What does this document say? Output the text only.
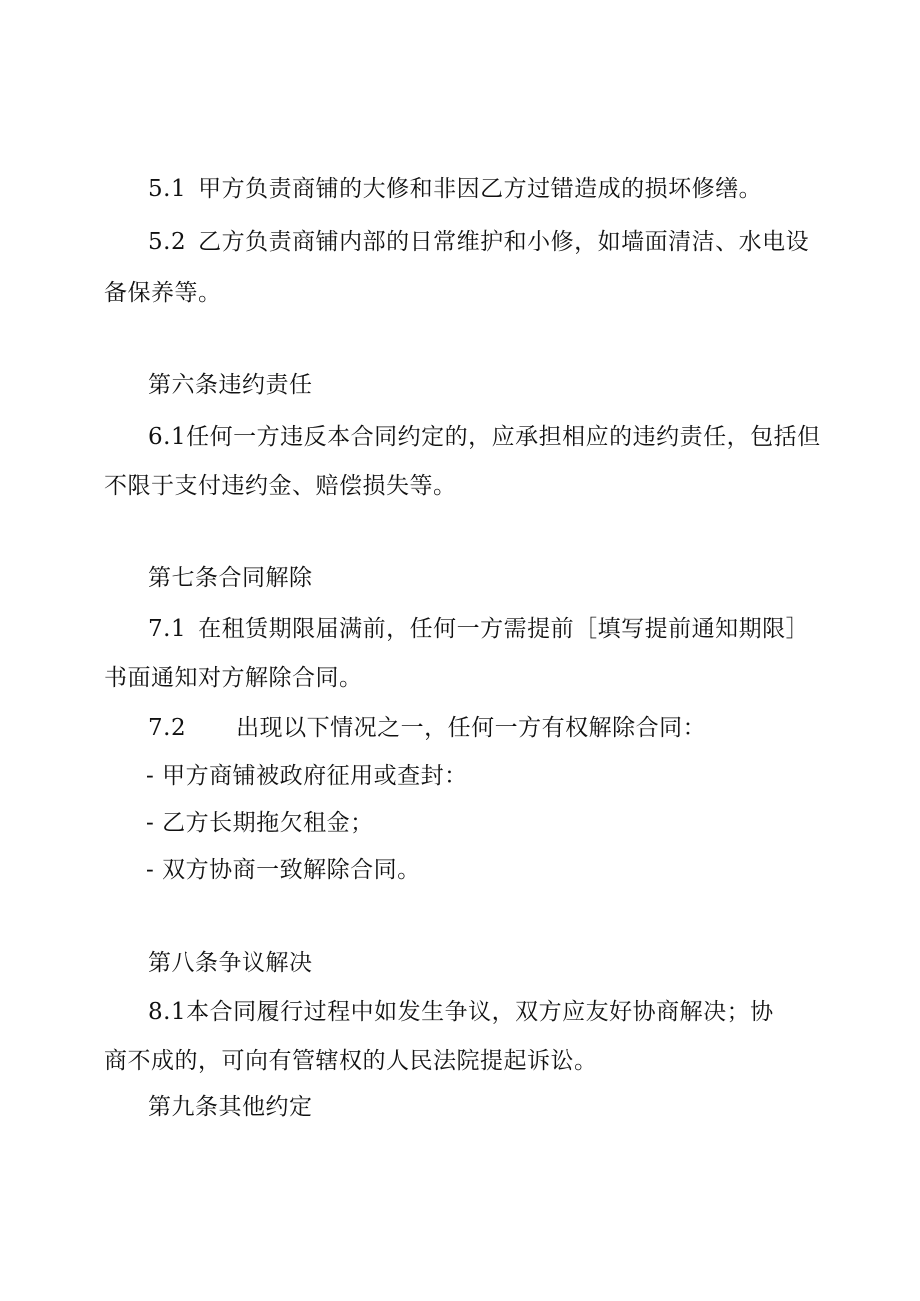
5.1 甲方负责商铺的大修和非因乙方过错造成的损坏修缮。
5.2 乙方负责商铺内部的日常维护和小修，如墙面清洁、水电设
备保养等。
第六条违约责任
6.1任何一方违反本合同约定的，应承担相应的违约责任，包括但
不限于支付违约金、赔偿损失等。
第七条合同解除
7.1 在租赁期限届满前，任何一方需提前［填写提前通知期限］
书面通知对方解除合同。
7.2 出现以下情况之一，任何一方有权解除合同：
- 甲方商铺被政府征用或查封：
- 乙方长期拖欠租金；
- 双方协商一致解除合同。
第八条争议解决
8.1本合同履行过程中如发生争议，双方应友好协商解决；协
商不成的，可向有管辖权的人民法院提起诉讼。
第九条其他约定
